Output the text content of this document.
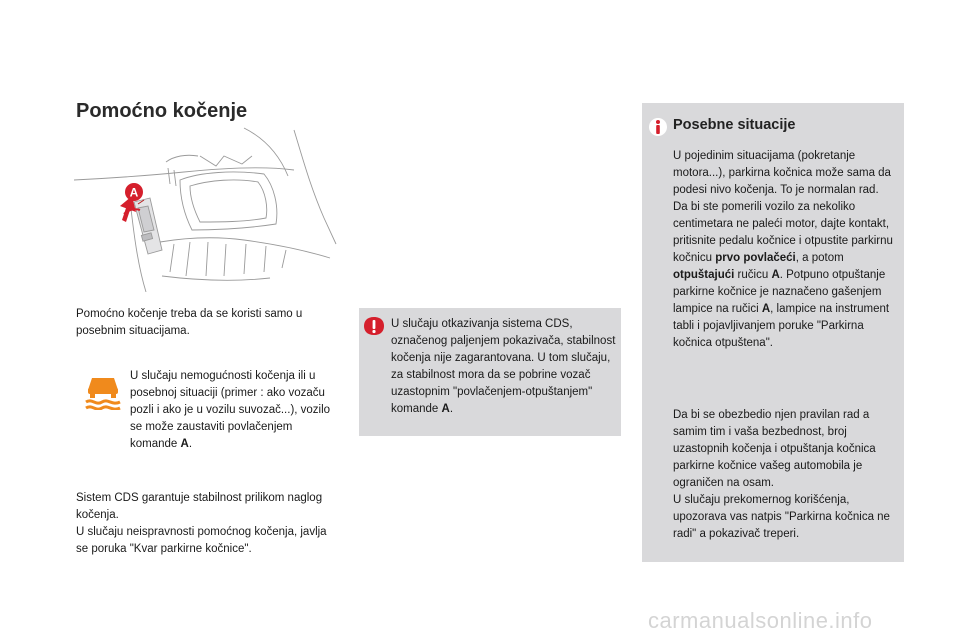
Pomoćno kočenje
A

Pomoćno kočenje treba da se koristi samo u posebnim situacijama.

U slučaju nemogućnosti kočenja ili u posebnoj situaciji (primer : ako vozaču pozli i ako je u vozilu suvozač...), vozilo se može zaustaviti povlačenjem komande A.

Sistem CDS garantuje stabilnost prilikom naglog kočenja.
U slučaju neispravnosti pomoćnog kočenja, javlja se poruka "Kvar parkirne kočnice".

U slučaju otkazivanja sistema CDS, označenog paljenjem pokazivača, stabilnost kočenja nije zagarantovana. U tom slučaju, za stabilnost mora da se pobrine vozač uzastopnim "povlačenjem-otpuštanjem" komande A.

Posebne situacije

U pojedinim situacijama (pokretanje motora...), parkirna kočnica može sama da podesi nivo kočenja. To je normalan rad.
Da bi ste pomerili vozilo za nekoliko centimetara ne paleći motor, dajte kontakt, pritisnite pedalu kočnice i otpustite parkirnu kočnicu prvo povlačeći, a potom otpuštajući ručicu A. Potpuno otpuštanje parkirne kočnice je naznačeno gašenjem lampice na ručici A, lampice na instrument tabli i pojavljivanjem poruke "Parkirna kočnica otpuštena".

Da bi se obezbedio njen pravilan rad a samim tim i vaša bezbednost, broj uzastopnih kočenja i otpuštanja kočnica parkirne kočnice vašeg automobila je ograničen na osam.
U slučaju prekomernog korišćenja, upozorava vas natpis "Parkirna kočnica ne radi" a pokazivač treperi.

carmanualsonline.info
